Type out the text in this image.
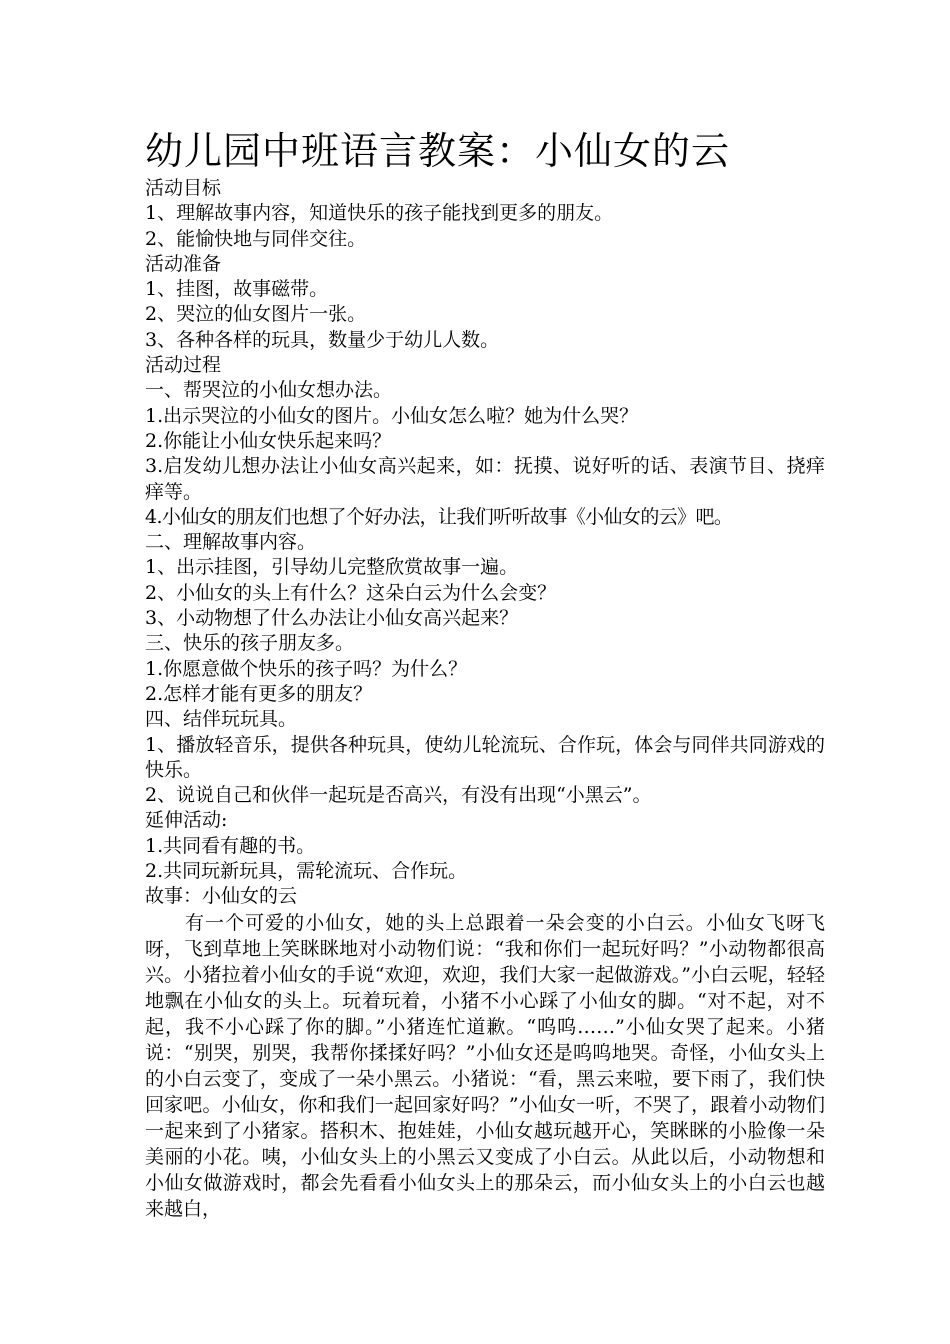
幼儿园中班语言教案：小仙女的云

活动目标

1、理解故事内容，知道快乐的孩子能找到更多的朋友。

2、能愉快地与同伴交往。

活动准备

1、挂图，故事磁带。

2、哭泣的仙女图片一张。

3、各种各样的玩具，数量少于幼儿人数。

活动过程

一、帮哭泣的小仙女想办法。

1.出示哭泣的小仙女的图片。小仙女怎么啦？她为什么哭？

2.你能让小仙女快乐起来吗？

3.启发幼儿想办法让小仙女高兴起来，如：抚摸、说好听的话、表演节目、挠痒痒等。

4.小仙女的朋友们也想了个好办法，让我们听听故事《小仙女的云》吧。

二、理解故事内容。

1、出示挂图，引导幼儿完整欣赏故事一遍。

2、小仙女的头上有什么？这朵白云为什么会变？

3、小动物想了什么办法让小仙女高兴起来？

三、快乐的孩子朋友多。

1.你愿意做个快乐的孩子吗？为什么？

2.怎样才能有更多的朋友？

四、结伴玩玩具。

1、播放轻音乐，提供各种玩具，使幼儿轮流玩、合作玩，体会与同伴共同游戏的快乐。

2、说说自己和伙伴一起玩是否高兴，有没有出现“小黑云”。

延伸活动:

1.共同看有趣的书。

2.共同玩新玩具，需轮流玩、合作玩。

故事：小仙女的云

有一个可爱的小仙女，她的头上总跟着一朵会变的小白云。小仙女飞呀飞呀，飞到草地上笑眯眯地对小动物们说：“我和你们一起玩好吗？”小动物都很高兴。小猪拉着小仙女的手说“欢迎，欢迎，我们大家一起做游戏。”小白云呢，轻轻地飘在小仙女的头上。玩着玩着，小猪不小心踩了小仙女的脚。“对不起，对不起，我不小心踩了你的脚。”小猪连忙道歉。“呜呜……”小仙女哭了起来。小猪说：“别哭，别哭，我帮你揉揉好吗？”小仙女还是呜呜地哭。奇怪，小仙女头上的小白云变了，变成了一朵小黑云。小猪说：“看，黑云来啦，要下雨了，我们快回家吧。小仙女，你和我们一起回家好吗？”小仙女一听，不哭了，跟着小动物们一起来到了小猪家。搭积木、抱娃娃，小仙女越玩越开心，笑眯眯的小脸像一朵美丽的小花。咦，小仙女头上的小黑云又变成了小白云。从此以后，小动物想和小仙女做游戏时，都会先看看小仙女头上的那朵云，而小仙女头上的小白云也越来越白，
